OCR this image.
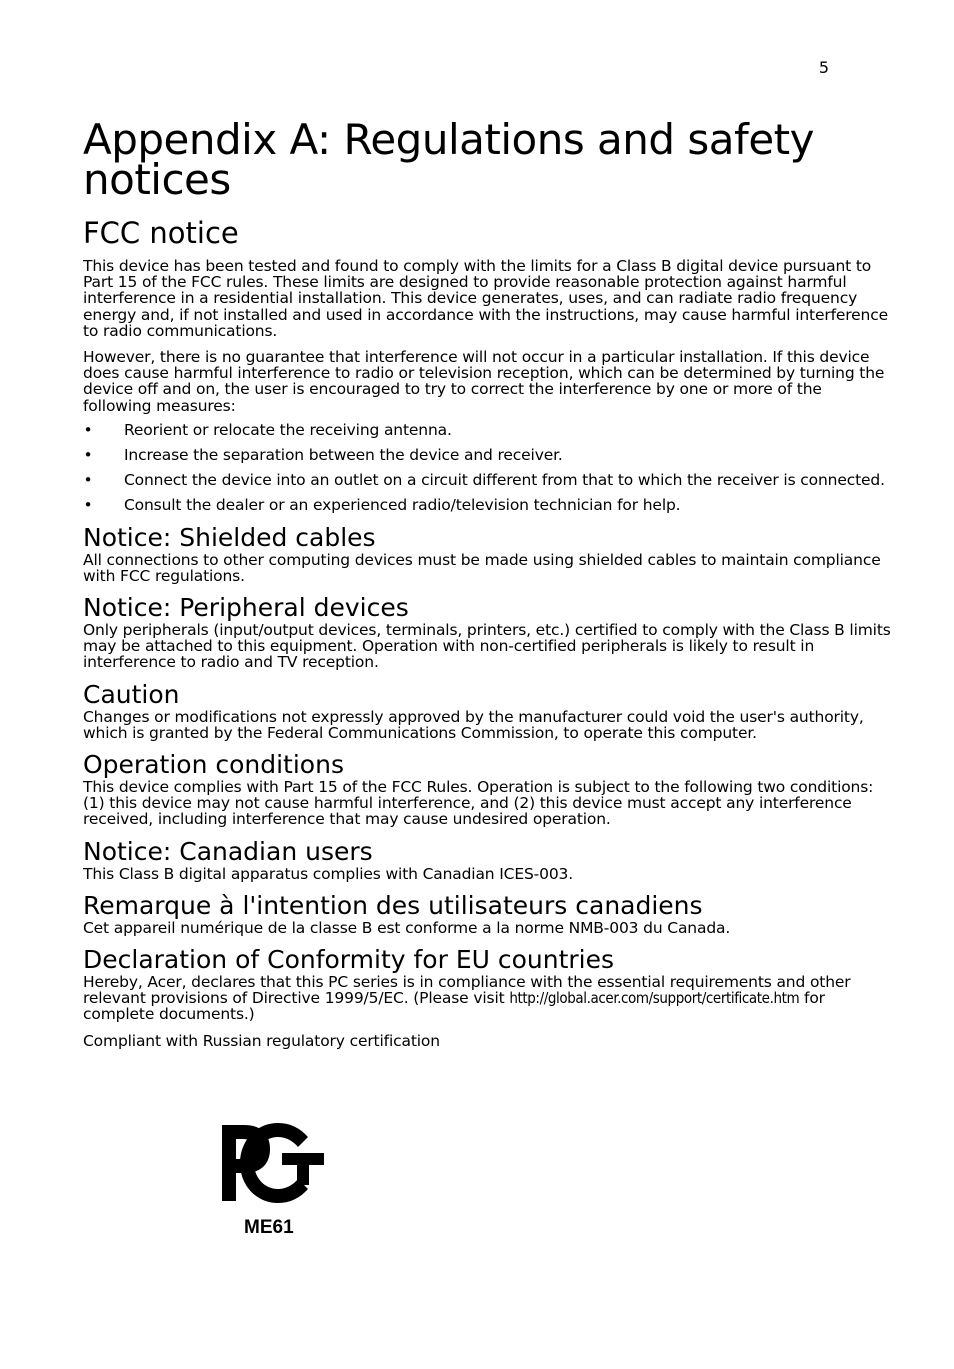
5
Appendix A: Regulations and safety
notices
FCC notice

This device has been tested and found to comply with the limits for a Class B digital device pursuant to Part 15 of the FCC rules. These limits are designed to provide reasonable protection against harmful interference in a residential installation. This device generates, uses, and can radiate radio frequency energy and, if not installed and used in accordance with the instructions, may cause harmful interference to radio communications.

However, there is no guarantee that interference will not occur in a particular installation. If this device does cause harmful interference to radio or television reception, which can be determined by turning the device off and on, the user is encouraged to try to correct the interference by one or more of the following measures:

• Reorient or relocate the receiving antenna.
• Increase the separation between the device and receiver.
• Connect the device into an outlet on a circuit different from that to which the receiver is connected.
• Consult the dealer or an experienced radio/television technician for help.
Notice: Shielded cables

All connections to other computing devices must be made using shielded cables to maintain compliance with FCC regulations.

Notice: Peripheral devices

Only peripherals (input/output devices, terminals, printers, etc.) certified to comply with the Class B limits may be attached to this equipment. Operation with non-certified peripherals is likely to result in interference to radio and TV reception.

Caution

Changes or modifications not expressly approved by the manufacturer could void the user's authority, which is granted by the Federal Communications Commission, to operate this computer.

Operation conditions

This device complies with Part 15 of the FCC Rules. Operation is subject to the following two conditions: (1) this device may not cause harmful interference, and (2) this device must accept any interference received, including interference that may cause undesired operation.

Notice: Canadian users

This Class B digital apparatus complies with Canadian ICES-003.

Remarque à l'intention des utilisateurs canadiens

Cet appareil numérique de la classe B est conforme a la norme NMB-003 du Canada.

Declaration of Conformity for EU countries

Hereby, Acer, declares that this PC series is in compliance with the essential requirements and other relevant provisions of Directive 1999/5/EC. (Please visit http://global.acer.com/support/certificate.htm for complete documents.)

Compliant with Russian regulatory certification

ME61
